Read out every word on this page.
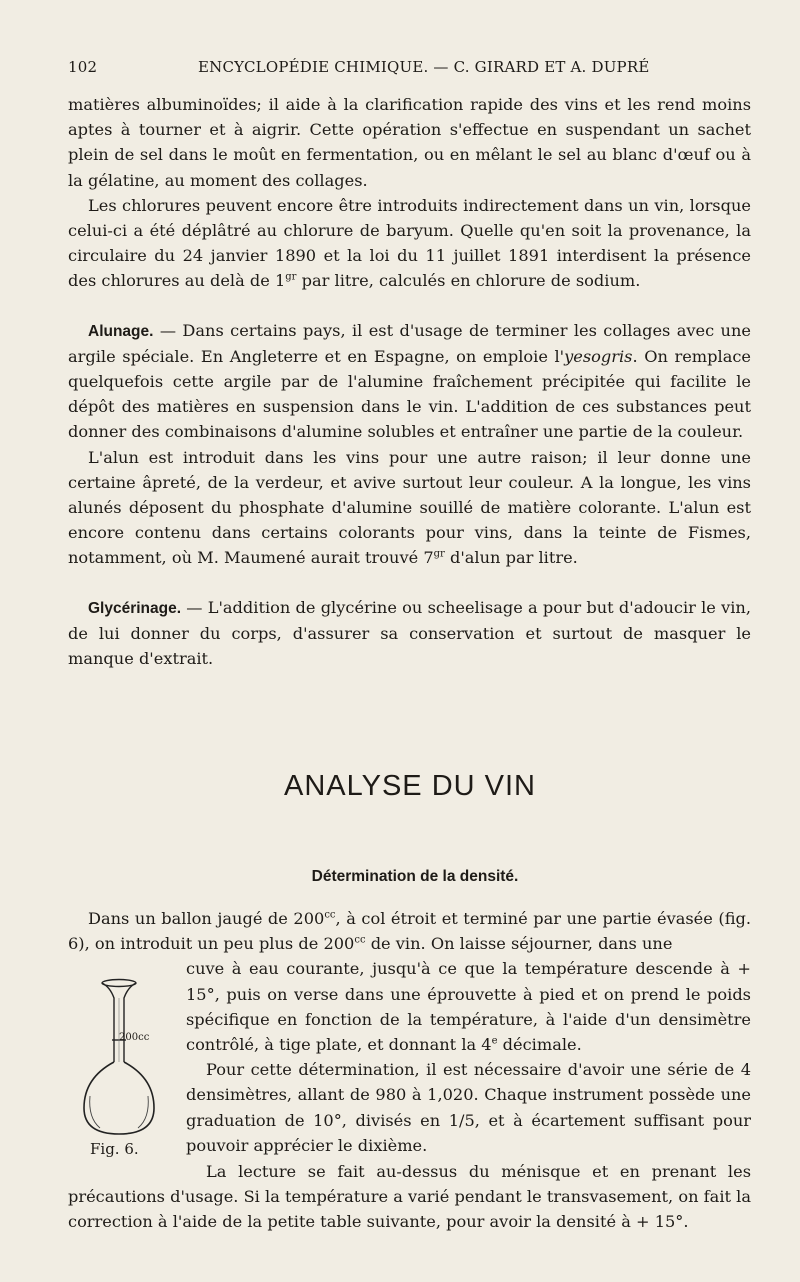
102	ENCYCLOPÉDIE CHIMIQUE. — C. GIRARD ET A. DUPRÉ

matières albuminoïdes; il aide à la clarification rapide des vins et les rend moins aptes à tourner et à aigrir. Cette opération s'effectue en suspendant un sachet plein de sel dans le moût en fermentation, ou en mêlant le sel au blanc d'œuf ou à la gélatine, au moment des collages.

Les chlorures peuvent encore être introduits indirectement dans un vin, lorsque celui-ci a été déplâtré au chlorure de baryum. Quelle qu'en soit la provenance, la circulaire du 24 janvier 1890 et la loi du 11 juillet 1891 interdisent la présence des chlorures au delà de $1^{gr}$ par litre, calculés en chlorure de sodium.

Alunage. — Dans certains pays, il est d'usage de terminer les collages avec une argile spéciale. En Angleterre et en Espagne, on emploie l'yesogris. On remplace quelquefois cette argile par de l'alumine fraîchement précipitée qui facilite le dépôt des matières en suspension dans le vin. L'addition de ces substances peut donner des combinaisons d'alumine solubles et entraîner une partie de la couleur.

L'alun est introduit dans les vins pour une autre raison; il leur donne une certaine âpreté, de la verdeur, et avive surtout leur couleur. A la longue, les vins alunés déposent du phosphate d'alumine souillé de matière colorante. L'alun est encore contenu dans certains colorants pour vins, dans la teinte de Fismes, notamment, où M. Maumené aurait trouvé $7^{gr}$ d'alun par litre.

Glycérinage. — L'addition de glycérine ou scheelisage a pour but d'adoucir le vin, de lui donner du corps, d'assurer sa conservation et surtout de masquer le manque d'extrait.

ANALYSE DU VIN
Détermination de la densité.

Dans un ballon jaugé de $200^{cc}$, à col étroit et terminé par une partie évasée (fig. 6), on introduit un peu plus de $200^{cc}$ de vin. On laisse séjourner, dans une

cuve à eau courante, jusqu'à ce que la température descende à + 15°, puis on verse dans une éprouvette à pied et on prend le poids spécifique en fonction de la température, à l'aide d'un densimètre contrôlé, à tige plate, et donnant la 4e décimale.

Pour cette détermination, il est nécessaire d'avoir une série de 4 densimètres, allant de 980 à 1,020. Chaque instrument possède une graduation de 10°, divisés en 1/5, et à écartement suffisant pour pouvoir apprécier le dixième.

La lecture se fait au-dessus du ménisque et en prenant les précautions d'usage. Si la température a varié pendant le transvasement, on fait la correction à l'aide de la petite table suivante, pour avoir la densité à + 15°.

200cc
Fig. 6.
